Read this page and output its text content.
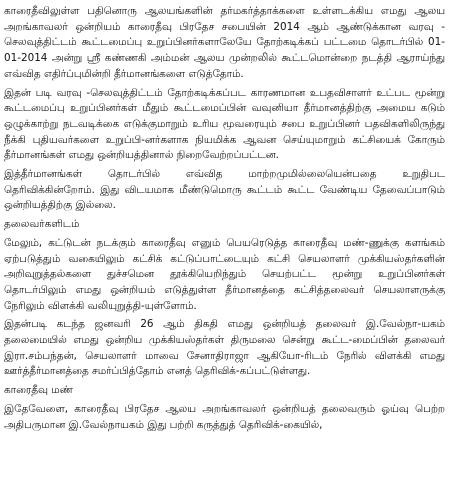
காரைதீவிலுள்ள பதினொரு ஆலயங்களின் தர்மகர்த்தாக்களை உள்ளடக்கிய எமது ஆலய அறங்காவலர் ஒன்றியம் காரைதீவு பிரதேச சபையின் 2014 ஆம் ஆண்டுக்கான வரவு - செலவுத்திட்டம் கூட்டமைப்பு உறுப்பினர்களாலேயே தோற்கடிக்கப் பட்டமை தொடர்பில் 01-01-2014 அன்று ஸ்ரீ கண்ணகி அம்மன் ஆலய முன்றலில் கூட்டமொன்றை நடத்தி ஆராய்ந்து எவ்வித எதிர்ப்புமின்றி தீர்மானங்களை எடுத்தோம்.

இதன் படி வரவு -செலவுத்திட்டம் தோற்கடிக்கப்பட காரணமான உபதவிசாளர் உட்பட மூன்று கூட்டமைப்பு உறுப்பினர்கள் மீதும் கூட்டமைப்பின் வவுனியா தீர்மானத்திற்கு அமைய கடும் ஒழுக்காற்று நடவடிக்கை எடுக்குமாறும் உரிய மூவரையும் சபை உறுப்பினர் பதவிகளிலிருந்து நீக்கி புதியவர்களை உறுப்பி-னர்களாக நியமிக்க ஆவன செய்யுமாறும் கட்சியைக் கோரும் தீர்மானங்கள் எமது ஒன்றியத்தினால் நிறைவேற்றப்பட்டன.

இத்தீர்மானங்கள் தொடர்பில் எவ்வித மாற்றமுமில்லையென்பதை உறுதிபட தெரிவிக்கின்றோம். இது விடயமாக மீண்டுமொரு கூட்டம் கூட்ட வேண்டிய தேவைப்பாடும் ஒன்றியத்திற்கு இல்லை.

தலைவர்களிடம்

மேலும், கட்டுடன் நடக்கும் காரைதீவு எனும் பெயரெடுத்த காரைதீவு மண்-ணுக்கு களங்கம் ஏற்படுத்தும் வகையிலும் கட்சிக் கட்டுப்பாட்டையும் கட்சி செயலாளர் முக்கியஸ்தர்களின் அறிவுறுத்தல்களை துச்சமென தூக்கியெறிந்தும் செயற்பட்ட மூன்று உறுப்பினர்கள் தொடர்பிலும் எமது ஒன்றியம் எடுத்துள்ள தீர்மானத்தை கட்சித்தலைவர் செயலாளருக்கு நேரிலும் விளக்கி வலியுறுத்தி-யுள்ளோம்.

இதன்படி கடந்த ஜனவரி 26 ஆம் திகதி எமது ஒன்றியத் தலைவர் இ.வேல்நா-யகம் தலைமையில் எமது ஒன்றிய முக்கியஸ்தர்கள் திருமலை சென்று கூட்ட-மைப்பின் தலைவர் இரா.சம்பந்தன், செயலாளர் மாவை சேனாதிராஜா ஆகியோ-ரிடம் நேரில் விளக்கி எமது ஊர்த்தீர்மானத்தை சமர்ப்பித்தோம் எனத் தெரிவிக்-கப்பட்டுள்ளது.

காரைதீவு மண்

இதேவேளை, காரைதீவு பிரதேச ஆலய அறங்காவலர் ஒன்றியத் தலைவரும் ஓய்வு பெற்ற அதிபருமான இ.வேல்நாயகம் இது பற்றி கருத்துத் தெரிவிக்-கையில்,
